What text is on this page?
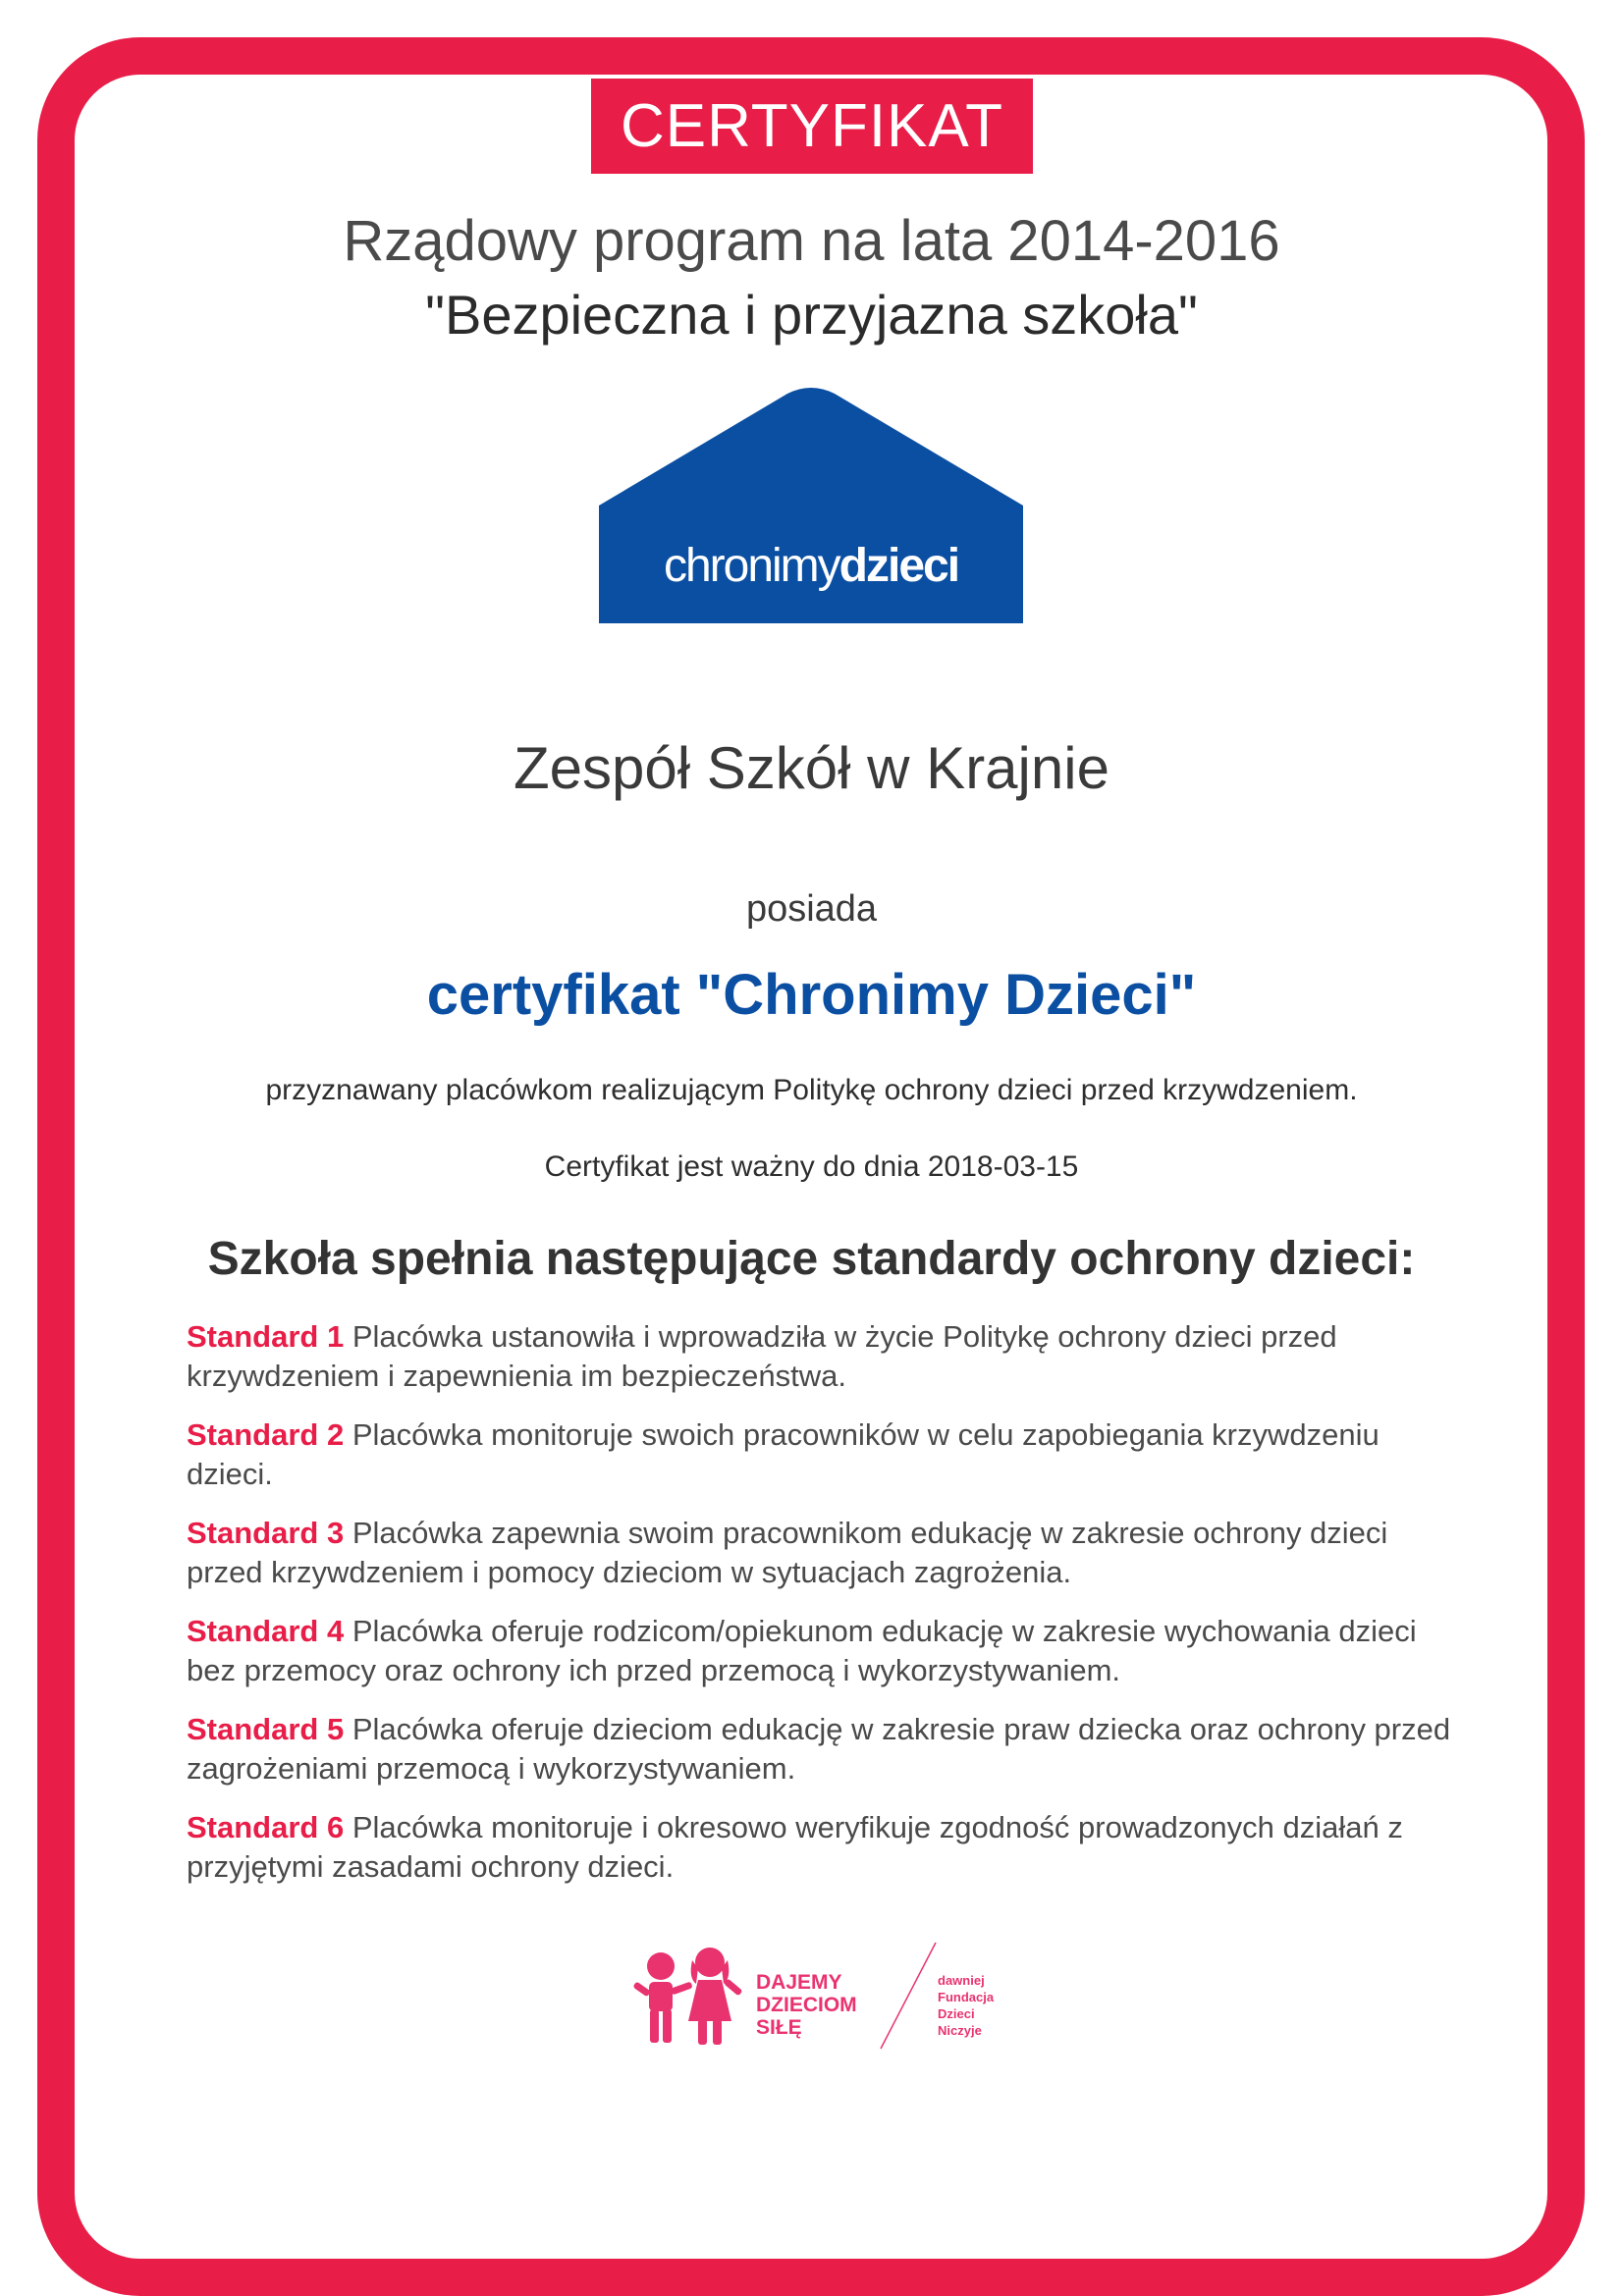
CERTYFIKAT
Rządowy program na lata 2014-2016
"Bezpieczna i przyjazna szkoła"
chronimydzieci
Zespół Szkół w Krajnie
posiada
certyfikat "Chronimy Dzieci"
przyznawany placówkom realizującym Politykę ochrony dzieci przed krzywdzeniem.
Certyfikat jest ważny do dnia 2018-03-15
Szkoła spełnia następujące standardy ochrony dzieci:
Standard 1 Placówka ustanowiła i wprowadziła w życie Politykę ochrony dzieci przed krzywdzeniem i zapewnienia im bezpieczeństwa.
Standard 2 Placówka monitoruje swoich pracowników w celu zapobiegania krzywdzeniu dzieci.
Standard 3 Placówka zapewnia swoim pracownikom edukację w zakresie ochrony dzieci przed krzywdzeniem i pomocy dzieciom w sytuacjach zagrożenia.
Standard 4 Placówka oferuje rodzicom/opiekunom edukację w zakresie wychowania dzieci bez przemocy oraz ochrony ich przed przemocą i wykorzystywaniem.
Standard 5 Placówka oferuje dzieciom edukację w zakresie praw dziecka oraz ochrony przed zagrożeniami przemocą i wykorzystywaniem.
Standard 6 Placówka monitoruje i okresowo weryfikuje zgodność prowadzonych działań z przyjętymi zasadami ochrony dzieci.
DAJEMY
DZIECIOM
SIŁĘ
dawniej
Fundacja
Dzieci
Niczyje
